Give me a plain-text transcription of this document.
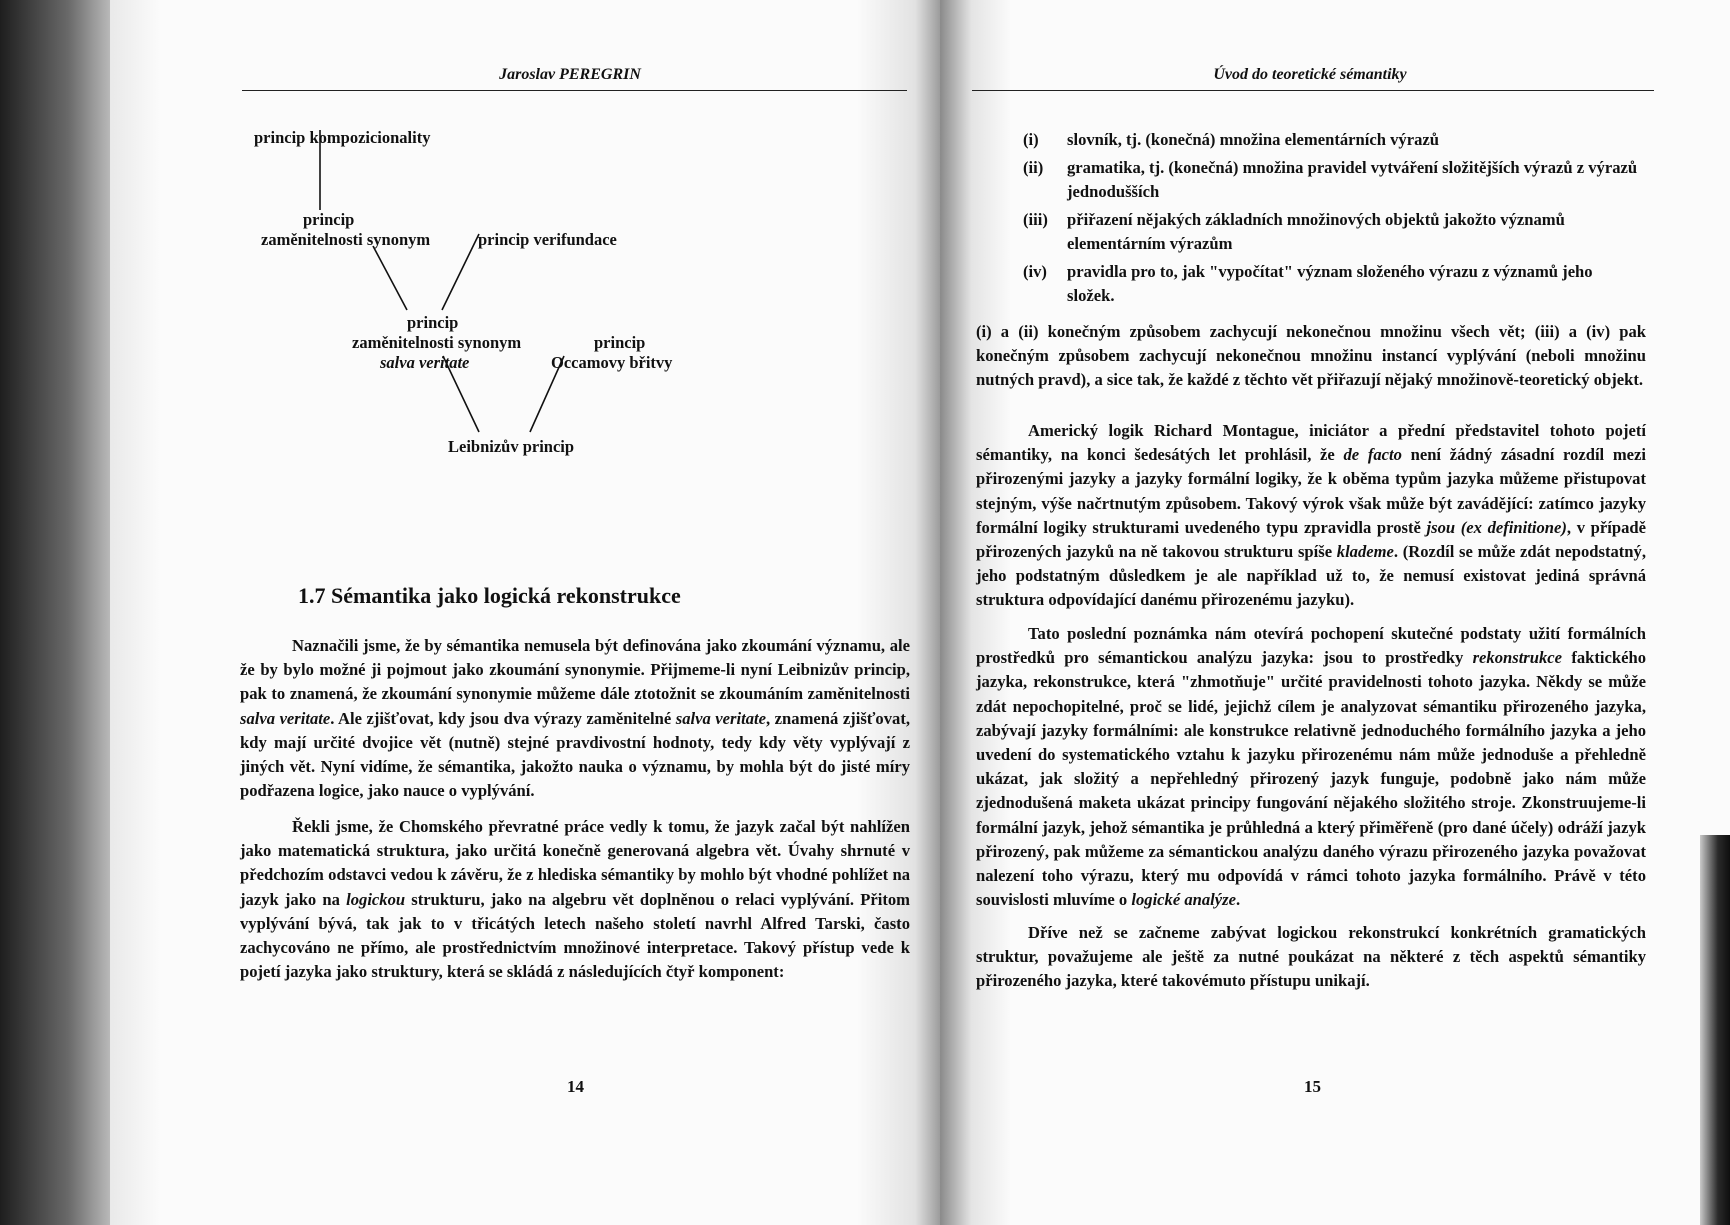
Jaroslav PEREGRIN
princip kompozicionality
princip
zaměnitelnosti synonym	princip verifundace
princip
zaměnitelnosti synonym
salva veritate
princip
Occamovy břitvy
Leibnizův princip
1.7 Sémantika jako logická rekonstrukce
Naznačili jsme, že by sémantika nemusela být definována jako zkoumání významu, ale že by bylo možné ji pojmout jako zkoumání synonymie. Přijmeme-li nyní Leibnizův princip, pak to znamená, že zkoumání synonymie můžeme dále ztotožnit se zkoumáním zaměnitelnosti salva veritate. Ale zjišťovat, kdy jsou dva výrazy zaměnitelné salva veritate, znamená zjišťovat, kdy mají určité dvojice vět (nutně) stejné pravdivostní hodnoty, tedy kdy věty vyplývají z jiných vět. Nyní vidíme, že sémantika, jakožto nauka o významu, by mohla být do jisté míry podřazena logice, jako nauce o vyplývání.
Řekli jsme, že Chomského převratné práce vedly k tomu, že jazyk začal být nahlížen jako matematická struktura, jako určitá konečně generovaná algebra vět. Úvahy shrnuté v předchozím odstavci vedou k závěru, že z hlediska sémantiky by mohlo být vhodné pohlížet na jazyk jako na logickou strukturu, jako na algebru vět doplněnou o relaci vyplývání. Přitom vyplývání bývá, tak jak to v třicátých letech našeho století navrhl Alfred Tarski, často zachycováno ne přímo, ale prostřednictvím množinové interpretace. Takový přístup vede k pojetí jazyka jako struktury, která se skládá z následujících čtyř komponent:
14
Úvod do teoretické sémantiky
(i) slovník, tj. (konečná) množina elementárních výrazů
(ii) gramatika, tj. (konečná) množina pravidel vytváření složitějších výrazů z výrazů jednodušších
(iii) přiřazení nějakých základních množinových objektů jakožto významů elementárním výrazům
(iv) pravidla pro to, jak "vypočítat" význam složeného výrazu z významů jeho složek.
(i) a (ii) konečným způsobem zachycují nekonečnou množinu všech vět; (iii) a (iv) pak konečným způsobem zachycují nekonečnou množinu instancí vyplývání (neboli množinu nutných pravd), a sice tak, že každé z těchto vět přiřazují nějaký množinově-teoretický objekt.
Americký logik Richard Montague, iniciátor a přední představitel tohoto pojetí sémantiky, na konci šedesátých let prohlásil, že de facto není žádný zásadní rozdíl mezi přirozenými jazyky a jazyky formální logiky, že k oběma typům jazyka můžeme přistupovat stejným, výše načrtnutým způsobem. Takový výrok však může být zavádějící: zatímco jazyky formální logiky strukturami uvedeného typu zpravidla prostě jsou (ex definitione), v případě přirozených jazyků na ně takovou strukturu spíše klademe. (Rozdíl se může zdát nepodstatný, jeho podstatným důsledkem je ale například už to, že nemusí existovat jediná správná struktura odpovídající danému přirozenému jazyku).
Tato poslední poznámka nám otevírá pochopení skutečné podstaty užití formálních prostředků pro sémantickou analýzu jazyka: jsou to prostředky rekonstrukce faktického jazyka, rekonstrukce, která "zhmotňuje" určité pravidelnosti tohoto jazyka. Někdy se může zdát nepochopitelné, proč se lidé, jejichž cílem je analyzovat sémantiku přirozeného jazyka, zabývají jazyky formálními: ale konstrukce relativně jednoduchého formálního jazyka a jeho uvedení do systematického vztahu k jazyku přirozenému nám může jednoduše a přehledně ukázat, jak složitý a nepřehledný přirozený jazyk funguje, podobně jako nám může zjednodušená maketa ukázat principy fungování nějakého složitého stroje. Zkonstruujeme-li formální jazyk, jehož sémantika je průhledná a který přiměřeně (pro dané účely) odráží jazyk přirozený, pak můžeme za sémantickou analýzu daného výrazu přirozeného jazyka považovat nalezení toho výrazu, který mu odpovídá v rámci tohoto jazyka formálního. Právě v této souvislosti mluvíme o logické analýze.
Dříve než se začneme zabývat logickou rekonstrukcí konkrétních gramatických struktur, považujeme ale ještě za nutné poukázat na některé z těch aspektů sémantiky přirozeného jazyka, které takovémuto přístupu unikají.
15
